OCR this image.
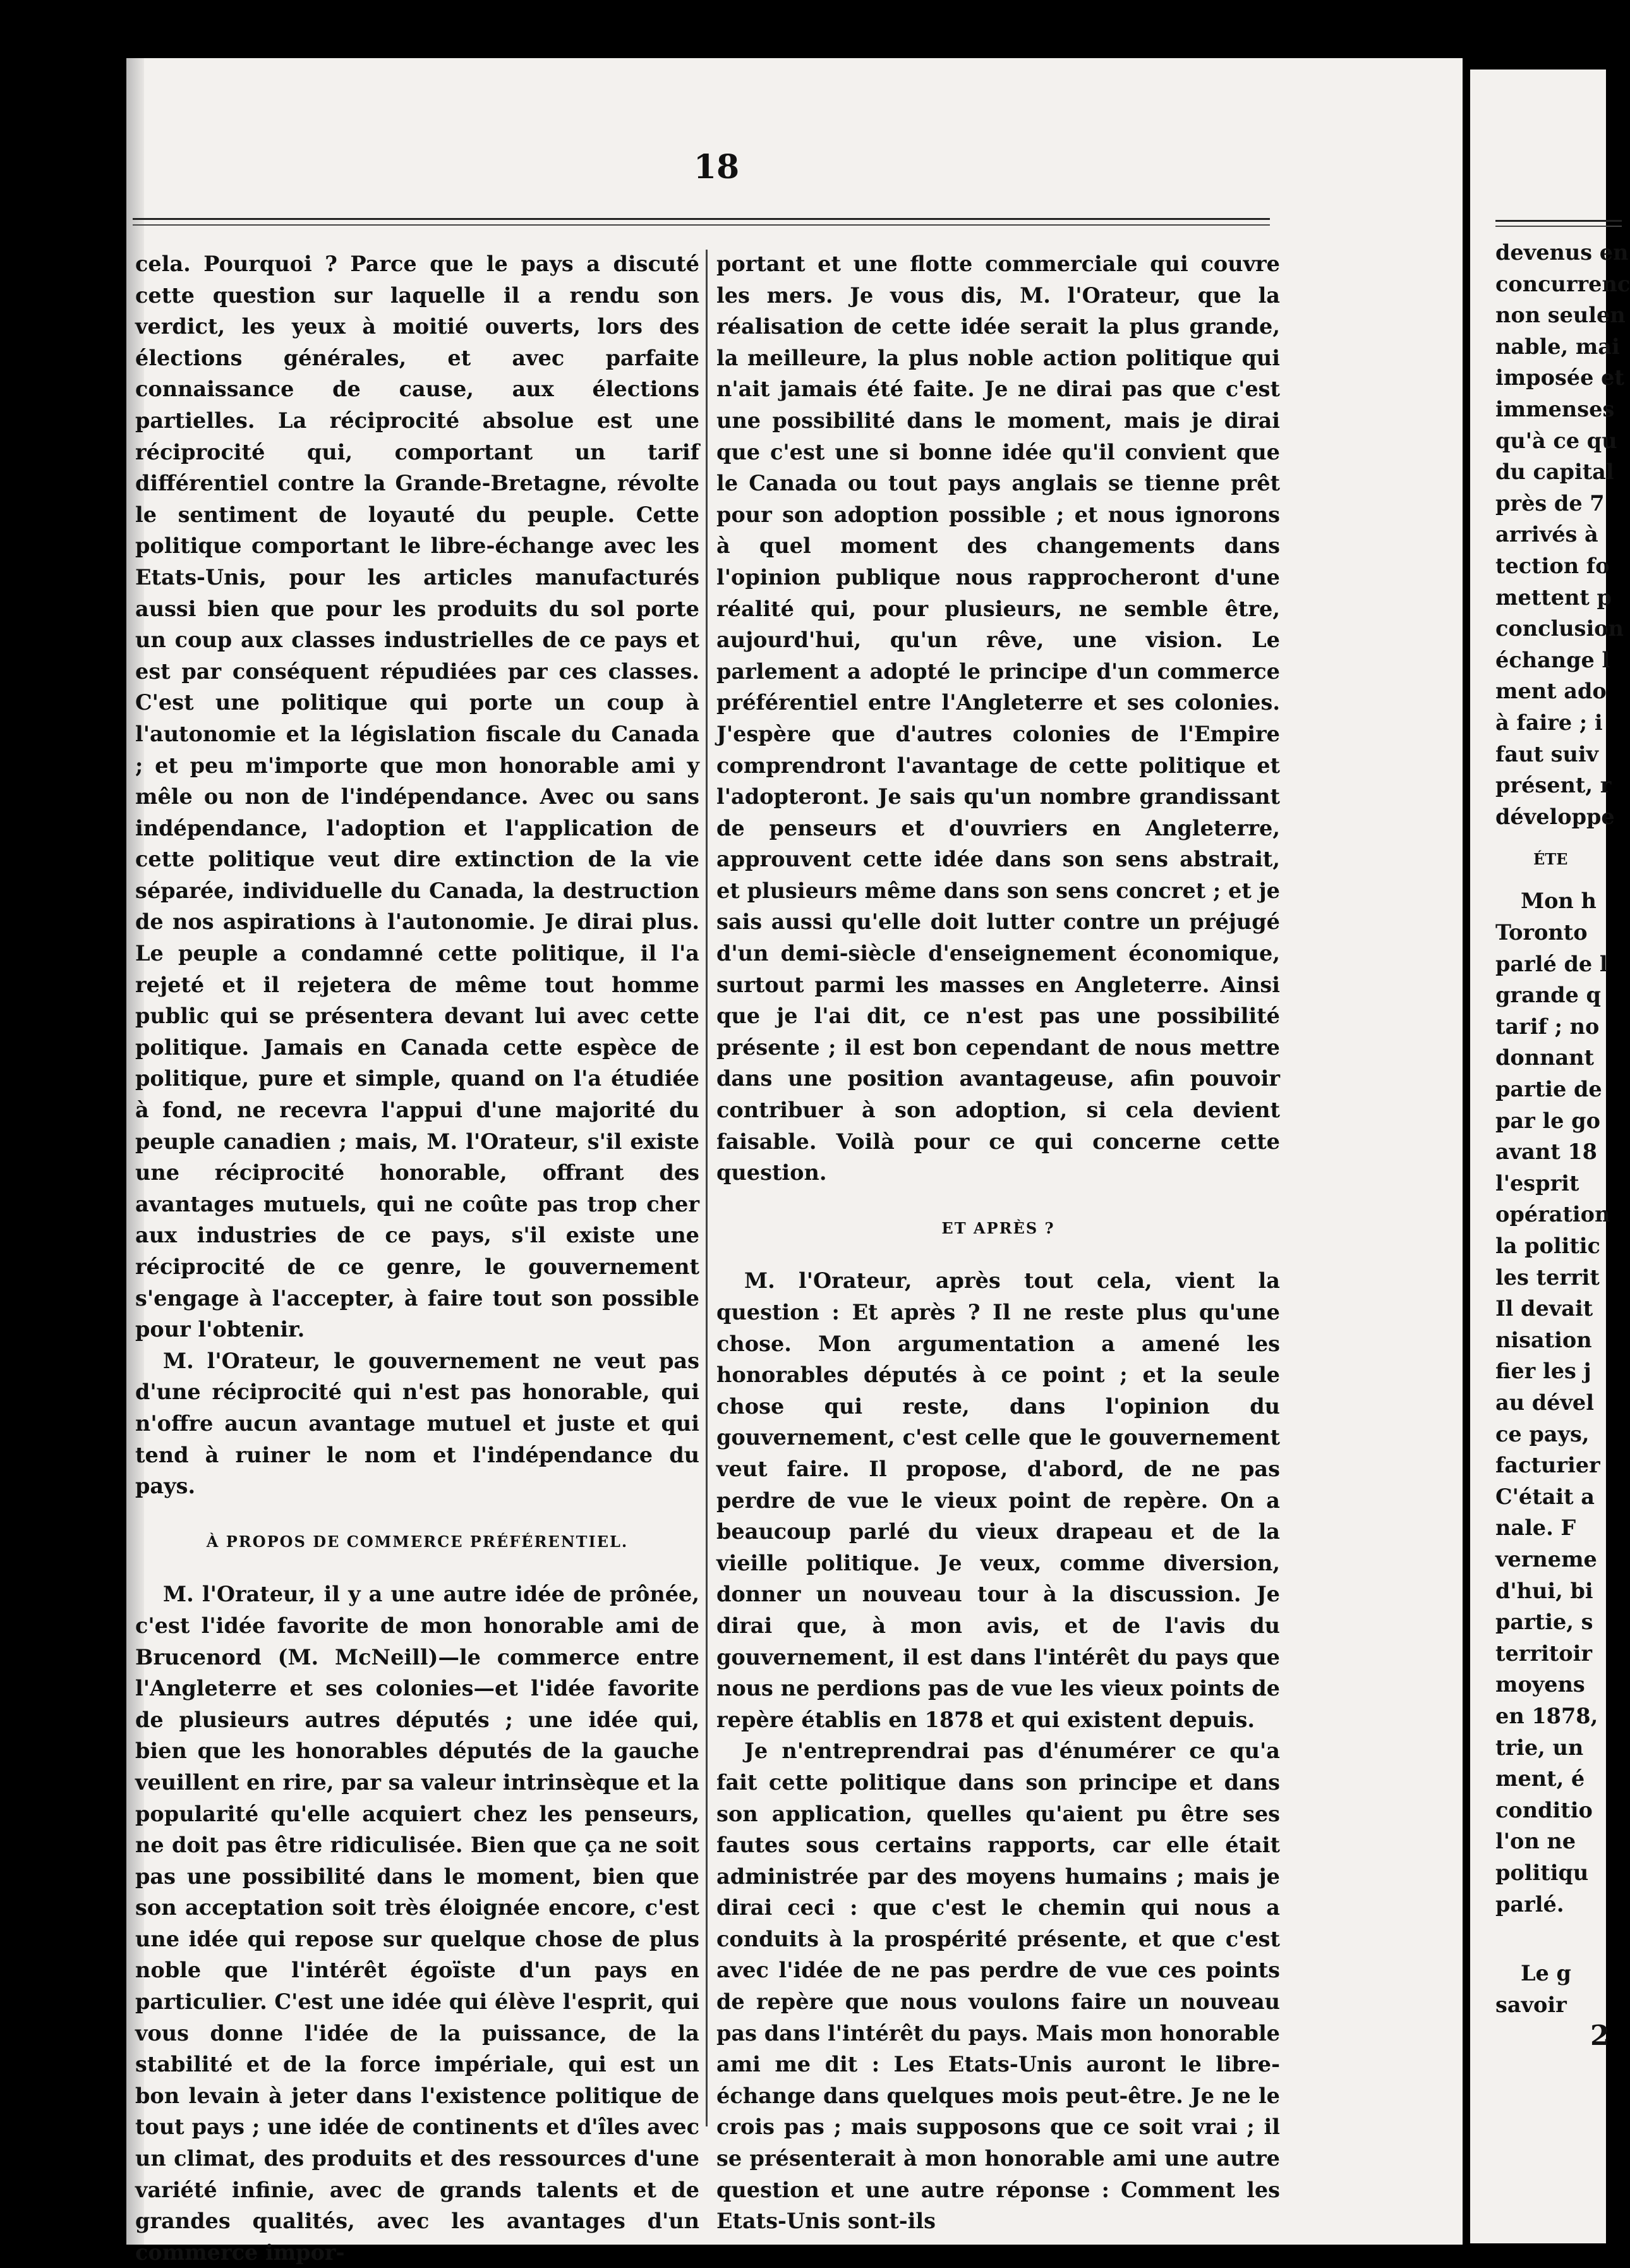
devenus en
concurrenc
non seulen
nable, mai
imposée et
immenses
qu'à ce qu
du capital
près de 7
arrivés à
tection fo
mettent p
conclusion
échange l
ment ado
à faire ; i
faut suiv
présent, r
développe
ÉTE
Mon h
Toronto
parlé de l
grande q
tarif ; no
donnant
partie de
par le go
avant 18
l'esprit
opération
la politic
les territ
Il devait
nisation
fier les j
au dével
ce pays,
facturier
C'était a
nale. F
verneme
d'hui, bi
partie, s
territoir
moyens
en 1878,
trie, un
ment, é
conditio
l'on ne
politiqu
parlé.
Le g
savoir
2
18

cela. Pourquoi ? Parce que le pays a discuté cette question sur laquelle il a rendu son verdict, les yeux à moitié ouverts, lors des élections générales, et avec parfaite connaissance de cause, aux élections partielles. La réciprocité absolue est une réciprocité qui, comportant un tarif différentiel contre la Grande-Bretagne, révolte le sentiment de loyauté du peuple. Cette politique comportant le libre-échange avec les Etats-Unis, pour les articles manufacturés aussi bien que pour les produits du sol porte un coup aux classes industrielles de ce pays et est par conséquent répudiées par ces classes. C'est une politique qui porte un coup à l'autonomie et la législation fiscale du Canada ; et peu m'importe que mon honorable ami y mêle ou non de l'indépendance. Avec ou sans indépendance, l'adoption et l'application de cette politique veut dire extinction de la vie séparée, individuelle du Canada, la destruction de nos aspirations à l'autonomie. Je dirai plus. Le peuple a condamné cette politique, il l'a rejeté et il rejetera de même tout homme public qui se présentera devant lui avec cette politique. Jamais en Canada cette espèce de politique, pure et simple, quand on l'a étudiée à fond, ne recevra l'appui d'une majorité du peuple canadien ; mais, M. l'Orateur, s'il existe une réciprocité honorable, offrant des avantages mutuels, qui ne coûte pas trop cher aux industries de ce pays, s'il existe une réciprocité de ce genre, le gouvernement s'engage à l'accepter, à faire tout son possible pour l'obtenir.

M. l'Orateur, le gouvernement ne veut pas d'une réciprocité qui n'est pas honorable, qui n'offre aucun avantage mutuel et juste et qui tend à ruiner le nom et l'indépendance du pays.

À PROPOS DE COMMERCE PRÉFÉRENTIEL.

M. l'Orateur, il y a une autre idée de prônée, c'est l'idée favorite de mon honorable ami de Brucenord (M. McNeill)—le commerce entre l'Angleterre et ses colonies—et l'idée favorite de plusieurs autres députés ; une idée qui, bien que les honorables députés de la gauche veuillent en rire, par sa valeur intrinsèque et la popularité qu'elle acquiert chez les penseurs, ne doit pas être ridiculisée. Bien que ça ne soit pas une possibilité dans le moment, bien que son acceptation soit très éloignée encore, c'est une idée qui repose sur quelque chose de plus noble que l'intérêt égoïste d'un pays en particulier. C'est une idée qui élève l'esprit, qui vous donne l'idée de la puissance, de la stabilité et de la force impériale, qui est un bon levain à jeter dans l'existence politique de tout pays ; une idée de continents et d'îles avec un climat, des produits et des ressources d'une variété infinie, avec de grands talents et de grandes qualités, avec les avantages d'un commerce impor-

portant et une flotte commerciale qui couvre les mers. Je vous dis, M. l'Orateur, que la réalisation de cette idée serait la plus grande, la meilleure, la plus noble action politique qui n'ait jamais été faite. Je ne dirai pas que c'est une possibilité dans le moment, mais je dirai que c'est une si bonne idée qu'il convient que le Canada ou tout pays anglais se tienne prêt pour son adoption possible ; et nous ignorons à quel moment des changements dans l'opinion publique nous rapprocheront d'une réalité qui, pour plusieurs, ne semble être, aujourd'hui, qu'un rêve, une vision. Le parlement a adopté le principe d'un commerce préférentiel entre l'Angleterre et ses colonies. J'espère que d'autres colonies de l'Empire comprendront l'avantage de cette politique et l'adopteront. Je sais qu'un nombre grandissant de penseurs et d'ouvriers en Angleterre, approuvent cette idée dans son sens abstrait, et plusieurs même dans son sens concret ; et je sais aussi qu'elle doit lutter contre un préjugé d'un demi-siècle d'enseignement économique, surtout parmi les masses en Angleterre. Ainsi que je l'ai dit, ce n'est pas une possibilité présente ; il est bon cependant de nous mettre dans une position avantageuse, afin pouvoir contribuer à son adoption, si cela devient faisable. Voilà pour ce qui concerne cette question.

ET APRÈS ?

M. l'Orateur, après tout cela, vient la question : Et après ? Il ne reste plus qu'une chose. Mon argumentation a amené les honorables députés à ce point ; et la seule chose qui reste, dans l'opinion du gouvernement, c'est celle que le gouvernement veut faire. Il propose, d'abord, de ne pas perdre de vue le vieux point de repère. On a beaucoup parlé du vieux drapeau et de la vieille politique. Je veux, comme diversion, donner un nouveau tour à la discussion. Je dirai que, à mon avis, et de l'avis du gouvernement, il est dans l'intérêt du pays que nous ne perdions pas de vue les vieux points de repère établis en 1878 et qui existent depuis.

Je n'entreprendrai pas d'énumérer ce qu'a fait cette politique dans son principe et dans son application, quelles qu'aient pu être ses fautes sous certains rapports, car elle était administrée par des moyens humains ; mais je dirai ceci : que c'est le chemin qui nous a conduits à la prospérité présente, et que c'est avec l'idée de ne pas perdre de vue ces points de repère que nous voulons faire un nouveau pas dans l'intérêt du pays. Mais mon honorable ami me dit : Les Etats-Unis auront le libre-échange dans quelques mois peut-être. Je ne le crois pas ; mais supposons que ce soit vrai ; il se présenterait à mon honorable ami une autre question et une autre réponse : Comment les Etats-Unis sont-ils
